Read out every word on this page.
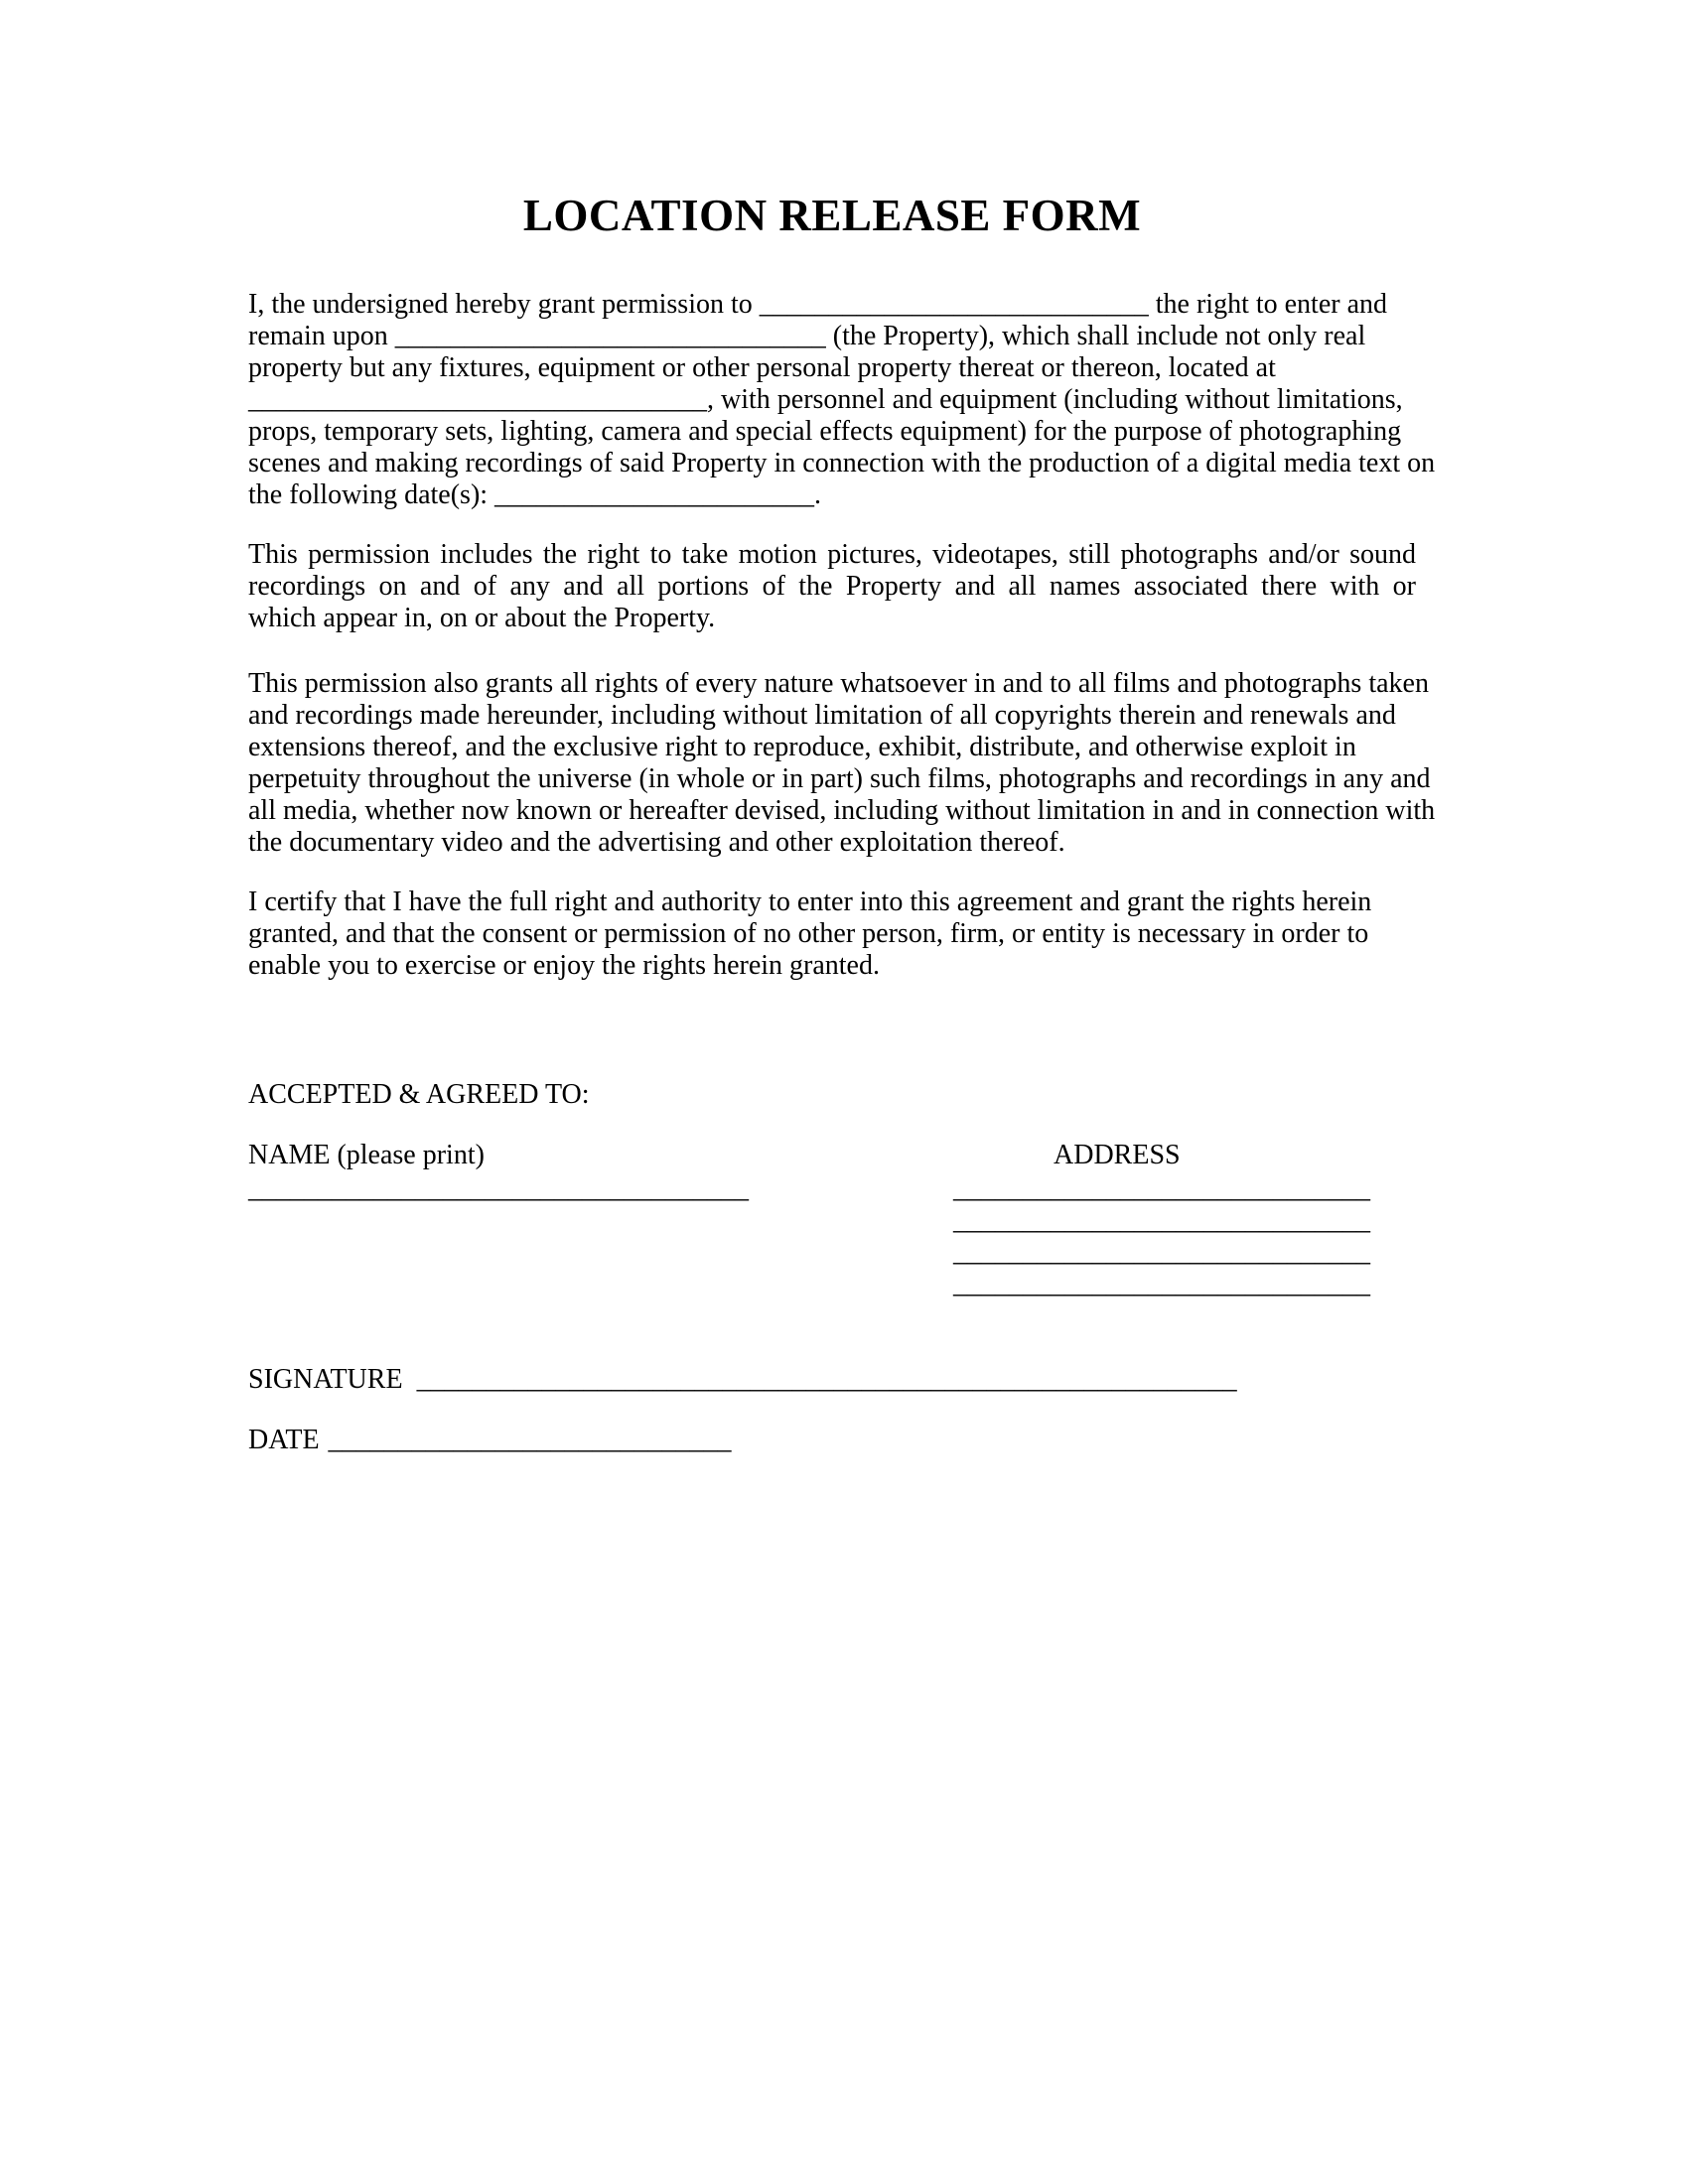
LOCATION RELEASE FORM
I, the undersigned hereby grant permission to ____________________________ the right to enter and
remain upon _______________________________ (the Property), which shall include not only real
property but any fixtures, equipment or other personal property thereat or thereon, located at
_________________________________, with personnel and equipment (including without limitations,
props, temporary sets, lighting, camera and special effects equipment) for the purpose of photographing
scenes and making recordings of said Property in connection with the production of a digital media text on
the following date(s): _______________________.
This permission includes the right to take motion pictures, videotapes, still photographs and/or sound
recordings on and of any and all portions of the Property and all names associated there with or
which appear in, on or about the Property.
This permission also grants all rights of every nature whatsoever in and to all films and photographs taken
and recordings made hereunder, including without limitation of all copyrights therein and renewals and
extensions thereof, and the exclusive right to reproduce, exhibit, distribute, and otherwise exploit in
perpetuity throughout the universe (in whole or in part) such films, photographs and recordings in any and
all media, whether now known or hereafter devised, including without limitation in and in connection with
the documentary video and the advertising and other exploitation thereof.
I certify that I have the full right and authority to enter into this agreement and grant the rights herein
granted, and that the consent or permission of no other person, firm, or entity is necessary in order to
enable you to exercise or enjoy the rights herein granted.
ACCEPTED & AGREED TO:
NAME (please print)	ADDRESS
____________________________________	______________________________
______________________________
______________________________
______________________________
SIGNATURE ___________________________________________________________
DATE _____________________________
